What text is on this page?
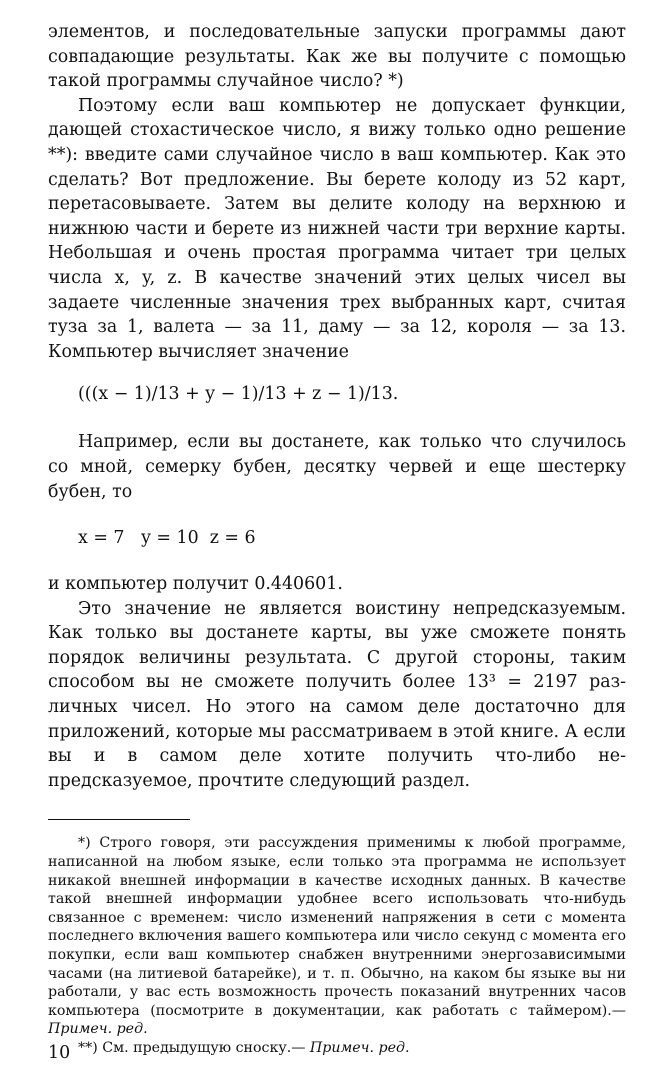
элементов, и последовательные запуски программы дают совпадающие результаты. Как же вы получите с помощью такой программы случайное число? *)

Поэтому если ваш компьютер не допускает функции, дающей стохастическое число, я вижу только одно решение **): введите сами случайное число в ваш компьютер. Как это сделать? Вот предложение. Вы берете колоду из 52 карт, перетасовываете. Затем вы делите колоду на верхнюю и нижнюю части и берете из нижней части три верхние карты. Небольшая и очень простая программа читает три целых числа x, y, z. В качестве значений этих целых чисел вы задаете численные значения трех выбранных карт, считая туза за 1, валета — за 11, даму — за 12, короля — за 13. Компьютер вычисляет значение

(((x − 1)/13 + y − 1)/13 + z − 1)/13.

Например, если вы достанете, как только что случилось со мной, семерку бубен, десятку червей и еще шестерку бубен, то

x = 7   y = 10  z = 6

и компьютер получит 0.440601.

Это значение не является воистину непредсказуемым. Как только вы достанете карты, вы уже сможете понять порядок величины результата. С другой стороны, таким способом вы не сможете получить более 13³ = 2197 различных чисел. Но этого на самом деле достаточно для приложений, которые мы рассматриваем в этой книге. А если вы и в самом деле хотите получить что-либо непредсказуемое, прочтите следующий раздел.

*) Строго говоря, эти рассуждения применимы к любой программе, написанной на любом языке, если только эта программа не использует никакой внешней информации в качестве исходных данных. В качестве такой внешней информации удобнее всего использовать что-нибудь связанное с временем: число изменений напряжения в сети с момента последнего включения вашего компьютера или число секунд с момента его покупки, если ваш компьютер снабжен внутренними энергозависимыми часами (на литиевой батарейке), и т. п. Обычно, на каком бы языке вы ни работали, у вас есть возможность прочесть показаний внутренних часов компьютера (посмотрите в документации, как работать с таймером).— Примеч. ред.

**) См. предыдущую сноску.— Примеч. ред.

10
